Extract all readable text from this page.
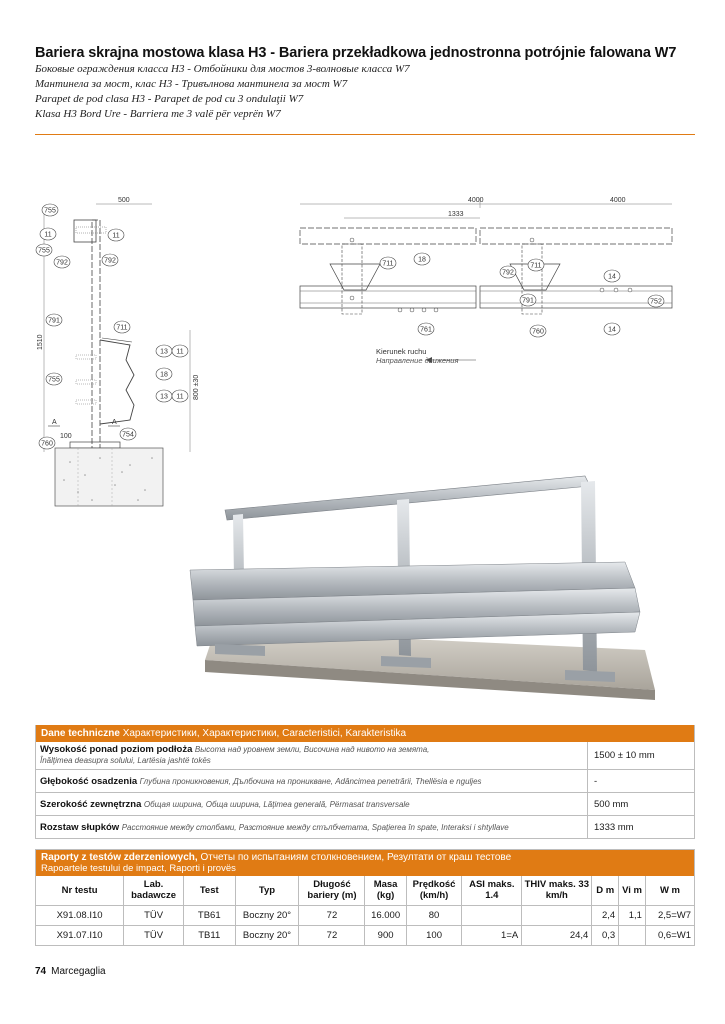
Bariera skrajna mostowa klasa H3 - Bariera przekładkowa jednostronna potrójnie falowana W7
Боковые ограждения класса H3 - Отбойники для мостов 3-волновые класса W7
Мантинела за мост, клас H3 - Тривълнова мантинела за мост W7
Parapet de pod clasa H3 - Parapet de pod cu 3 ondulaţii W7
Klasa H3 Bord Ure - Barriera me 3 valë për veprën W7
500
1510
800 ±30
A	A
100
755
11	11
755
792	792
791
711
13 11
18
755
13 11
754
760
4000	4000
1333
18
711
792
711
14
791	752
761	760	14
Kierunek ruchu
Направление движения
Dane techniczne Характеристики, Характеристики, Caracteristici, Karakteristika
Wysokość ponad poziom podłoża Высота над уровнем земли, Височина над нивото на земята,
Înălţimea deasupra solului, Lartësia jashtë tokës	1500 ± 10 mm
Głębokość osadzenia
Глубина проникновения, Дълбочина на проникване, Adâncimea penetrării, Thellësia e nguljes	-
Szerokość zewnętrzna
Общая ширина, Обща ширина, Lăţimea generală, Përmasat transversale	500 mm
Rozstaw słupków
Расстояние между столбами, Разстояние между стълбчетата, Spaţierea în spate, Interaksi i shtyllave	1333 mm
Raporty z testów zderzeniowych, Отчеты по испытаниям столкновением, Резултати от краш тестове
Rapoartele testului de impact, Raporti i provës
Nr testu	Lab. badawcze	Test	Typ	Długość bariery (m)	Masa (kg)	Prędkość (km/h)	ASI maks. 1.4	THIV maks. 33 km/h	D m	Vi m	W m
X91.08.I10	TÜV	TB61	Boczny 20°	72	16.000	80			2,4	1,1	2,5=W7
X91.07.I10	TÜV	TB11	Boczny 20°	72	900	100	1=A	24,4	0,3		0,6=W1
74 Marcegaglia
